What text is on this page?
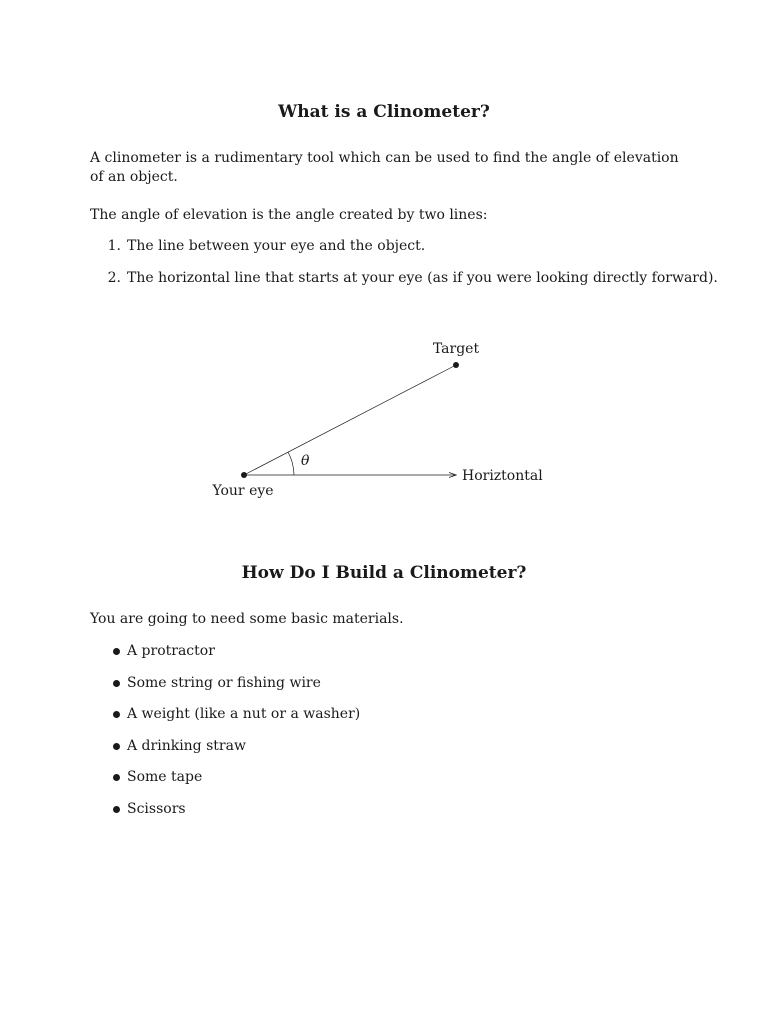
What is a Clinometer?

A clinometer is a rudimentary tool which can be used to find the angle of elevation of an object.

The angle of elevation is the angle created by two lines:

1. The line between your eye and the object.
2. The horizontal line that starts at your eye (as if you were looking directly forward).
Target
Your eye
Horiztontal
θ
How Do I Build a Clinometer?

You are going to need some basic materials.

A protractor
Some string or fishing wire
A weight (like a nut or a washer)
A drinking straw
Some tape
Scissors
